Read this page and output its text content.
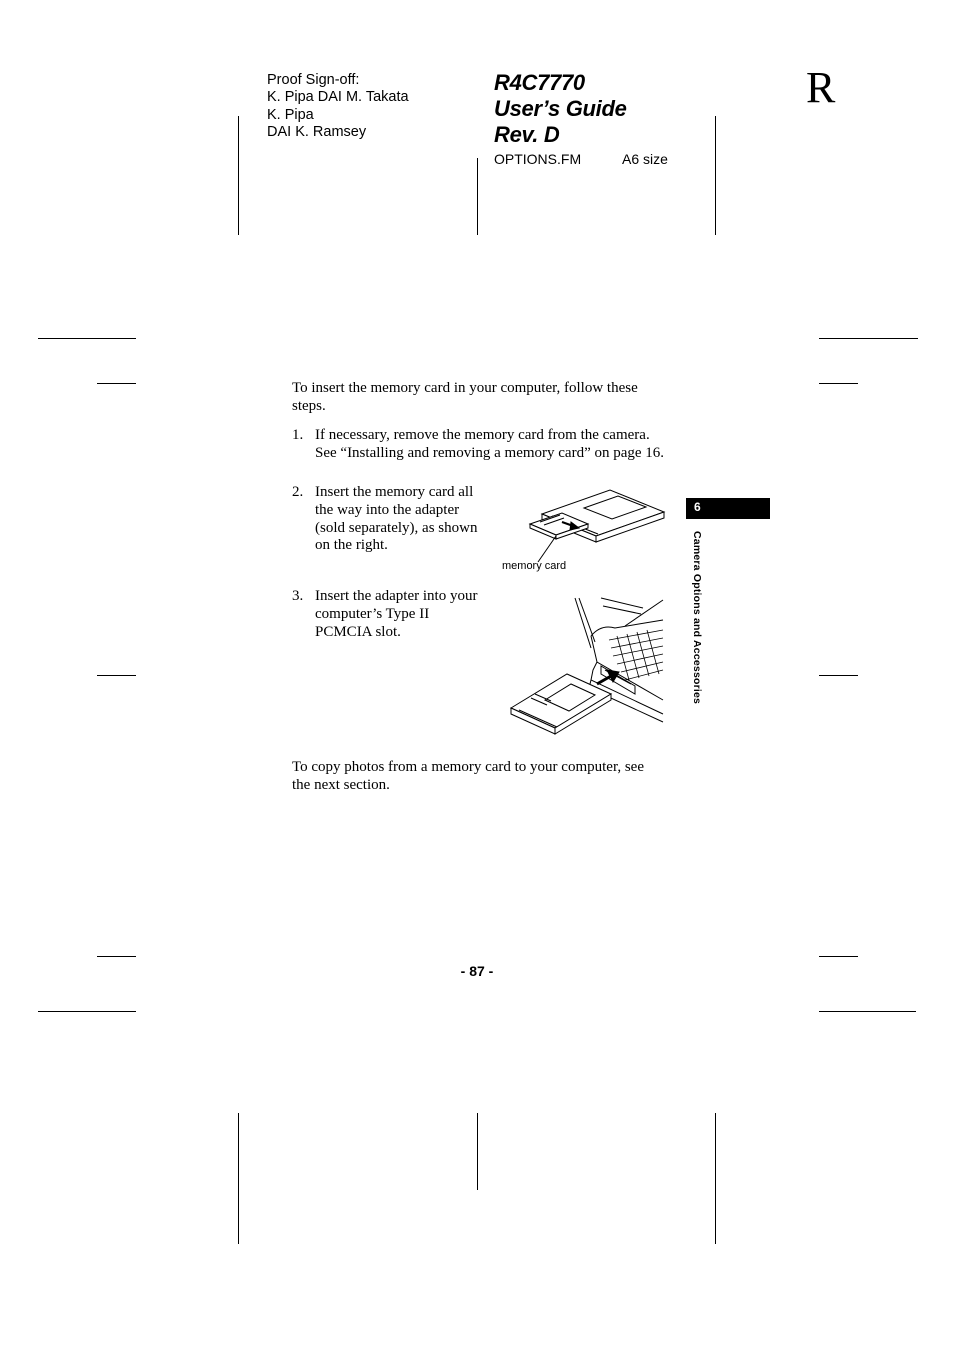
Proof Sign-off:
K. Pipa DAI M. Takata
K. Pipa
DAI K. Ramsey
R4C7770
User’s Guide
Rev. D
OPTIONS.FM	A6 size
R
To insert the memory card in your computer, follow these
steps.
1. If necessary, remove the memory card from the camera.
See “Installing and removing a memory card” on page 16.
2. Insert the memory card all
the way into the adapter
(sold separately), as shown
on the right.
3. Insert the adapter into your
computer’s Type II
PCMCIA slot.
To copy photos from a memory card to your computer, see
the next section.
memory card
6
Camera Options and Accessories
- 87 -
